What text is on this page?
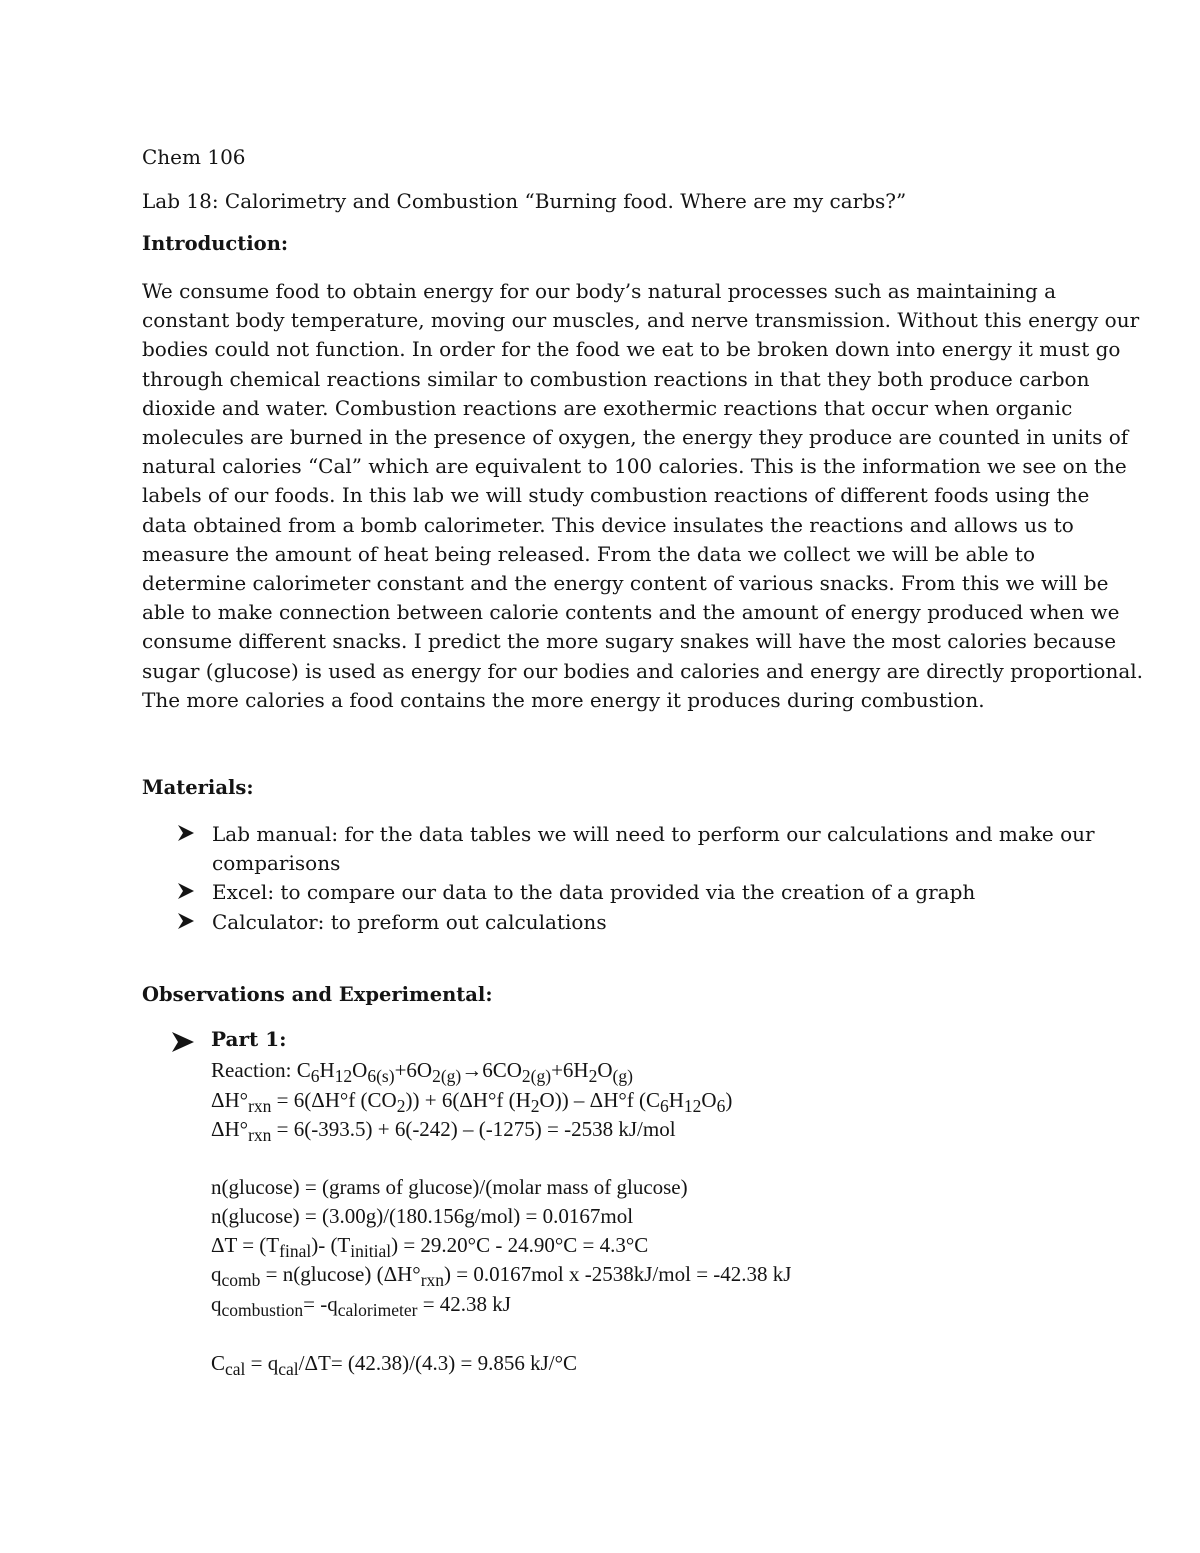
Chem 106
Lab 18: Calorimetry and Combustion “Burning food. Where are my carbs?”
Introduction:
We consume food to obtain energy for our body’s natural processes such as maintaining a
constant body temperature, moving our muscles, and nerve transmission. Without this energy our
bodies could not function. In order for the food we eat to be broken down into energy it must go
through chemical reactions similar to combustion reactions in that they both produce carbon
dioxide and water. Combustion reactions are exothermic reactions that occur when organic
molecules are burned in the presence of oxygen, the energy they produce are counted in units of
natural calories “Cal” which are equivalent to 100 calories. This is the information we see on the
labels of our foods. In this lab we will study combustion reactions of different foods using the
data obtained from a bomb calorimeter. This device insulates the reactions and allows us to
measure the amount of heat being released. From the data we collect we will be able to
determine calorimeter constant and the energy content of various snacks. From this we will be
able to make connection between calorie contents and the amount of energy produced when we
consume different snacks. I predict the more sugary snakes will have the most calories because
sugar (glucose) is used as energy for our bodies and calories and energy are directly proportional.
The more calories a food contains the more energy it produces during combustion.
Materials:
Lab manual: for the data tables we will need to perform our calculations and make our
comparisons
Excel: to compare our data to the data provided via the creation of a graph
Calculator: to preform out calculations
Observations and Experimental:
Part 1:
Reaction: $C_6H_{12}O_{6(s)}+6O_{2(g)}\to 6CO_{2(g)}+6H_2O_{(g)}$
$\Delta H^\circ_{rxn} = 6(\Delta H^\circ f$ $(CO_2)) + 6(\Delta H^\circ f$ $(H_2O)) - \Delta H^\circ f$ $(C_6H_{12}O_6)$
$\Delta H^\circ_{rxn} = 6(-393.5) + 6(-242) - (-1275) = -2538$ kJ/mol
n(glucose) = (grams of glucose)/(molar mass of glucose)
n(glucose) = (3.00g)/(180.156g/mol) = 0.0167mol
$\Delta T = (T_{final})-$ $(T_{initial}) = 29.20^\circ C - 24.90^\circ C = 4.3^\circ C$
$q_{comb} = n(glucose) (\Delta H^\circ_{rxn}) = 0.0167mol$ x -2538kJ/mol = -42.38 kJ
$q_{combustion}= -q_{calorimeter} = 42.38$ kJ
$C_{cal} = q_{cal}/\Delta T= (42.38)/(4.3) = 9.856$ kJ/°C
